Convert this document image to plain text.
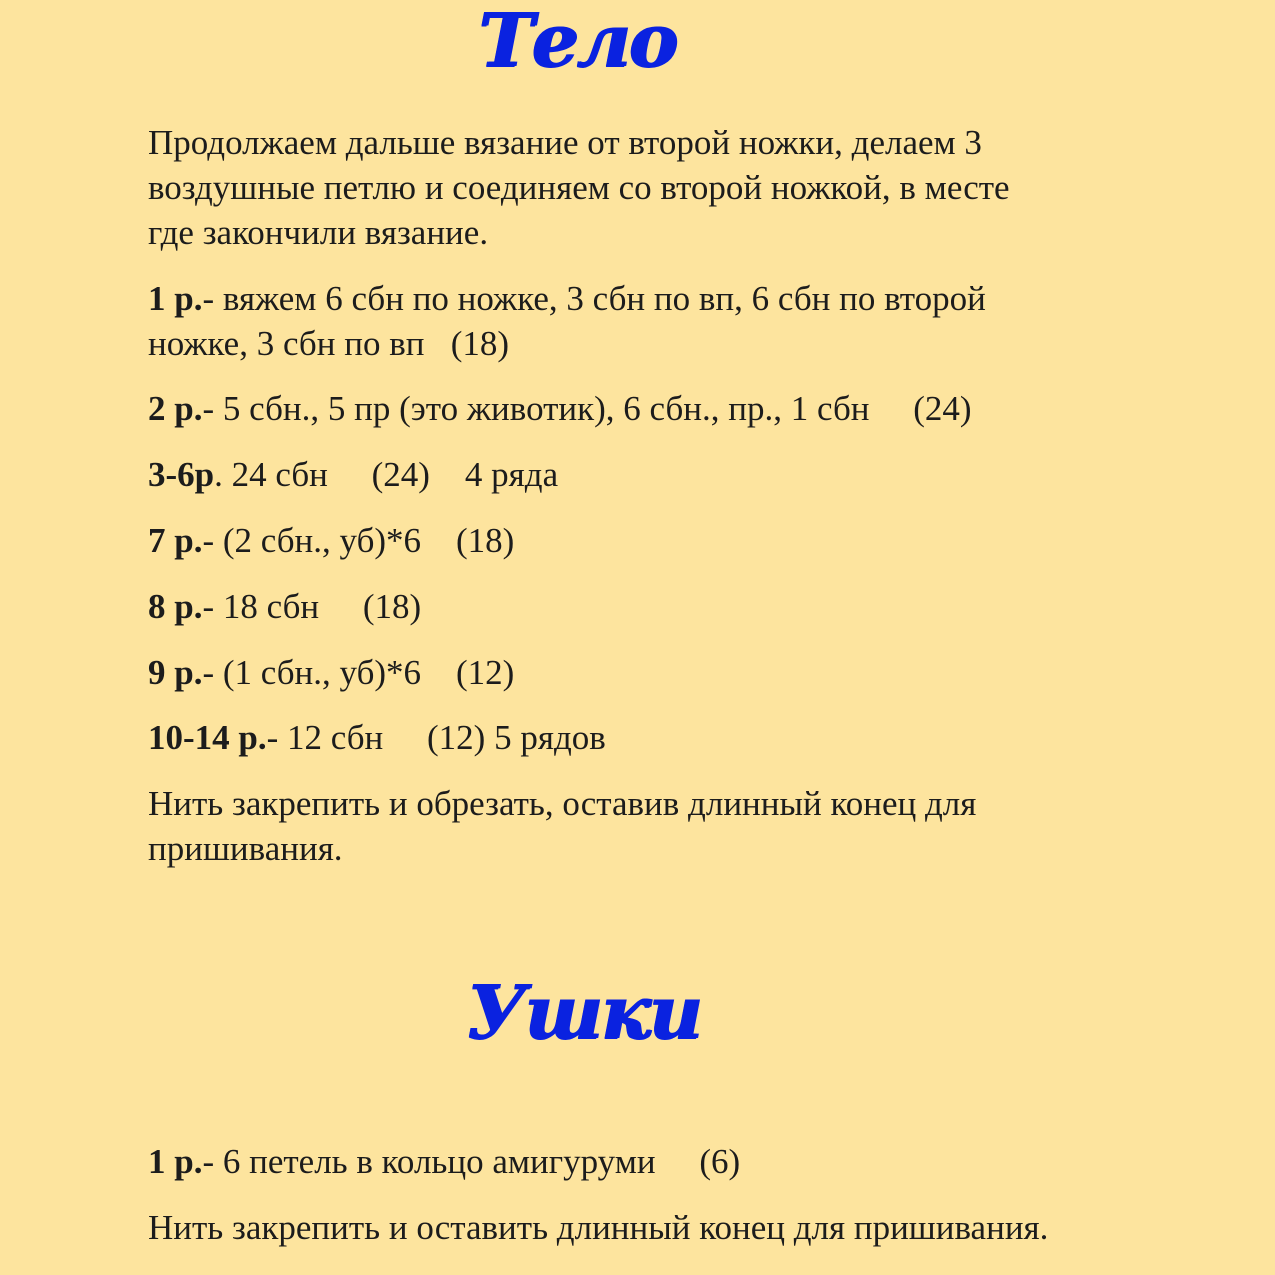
Тело

Продолжаем дальше вязание от второй ножки, делаем 3
воздушные петлю и соединяем со второй ножкой, в месте
где закончили вязание.

1 р.- вяжем 6 сбн по ножке, 3 сбн по вп, 6 сбн по второй
ножке, 3 сбн по вп   (18)

2 р.- 5 сбн., 5 пр (это животик), 6 сбн., пр., 1 сбн     (24)

3-6р. 24 сбн     (24)    4 ряда

7 р.- (2 сбн., уб)*6    (18)

8 р.- 18 сбн     (18)

9 р.- (1 сбн., уб)*6    (12)

10-14 р.- 12 сбн     (12) 5 рядов

Нить закрепить и обрезать, оставив длинный конец для
пришивания.

Ушки

1 р.- 6 петель в кольцо амигуруми     (6)

Нить закрепить и оставить длинный конец для пришивания.
